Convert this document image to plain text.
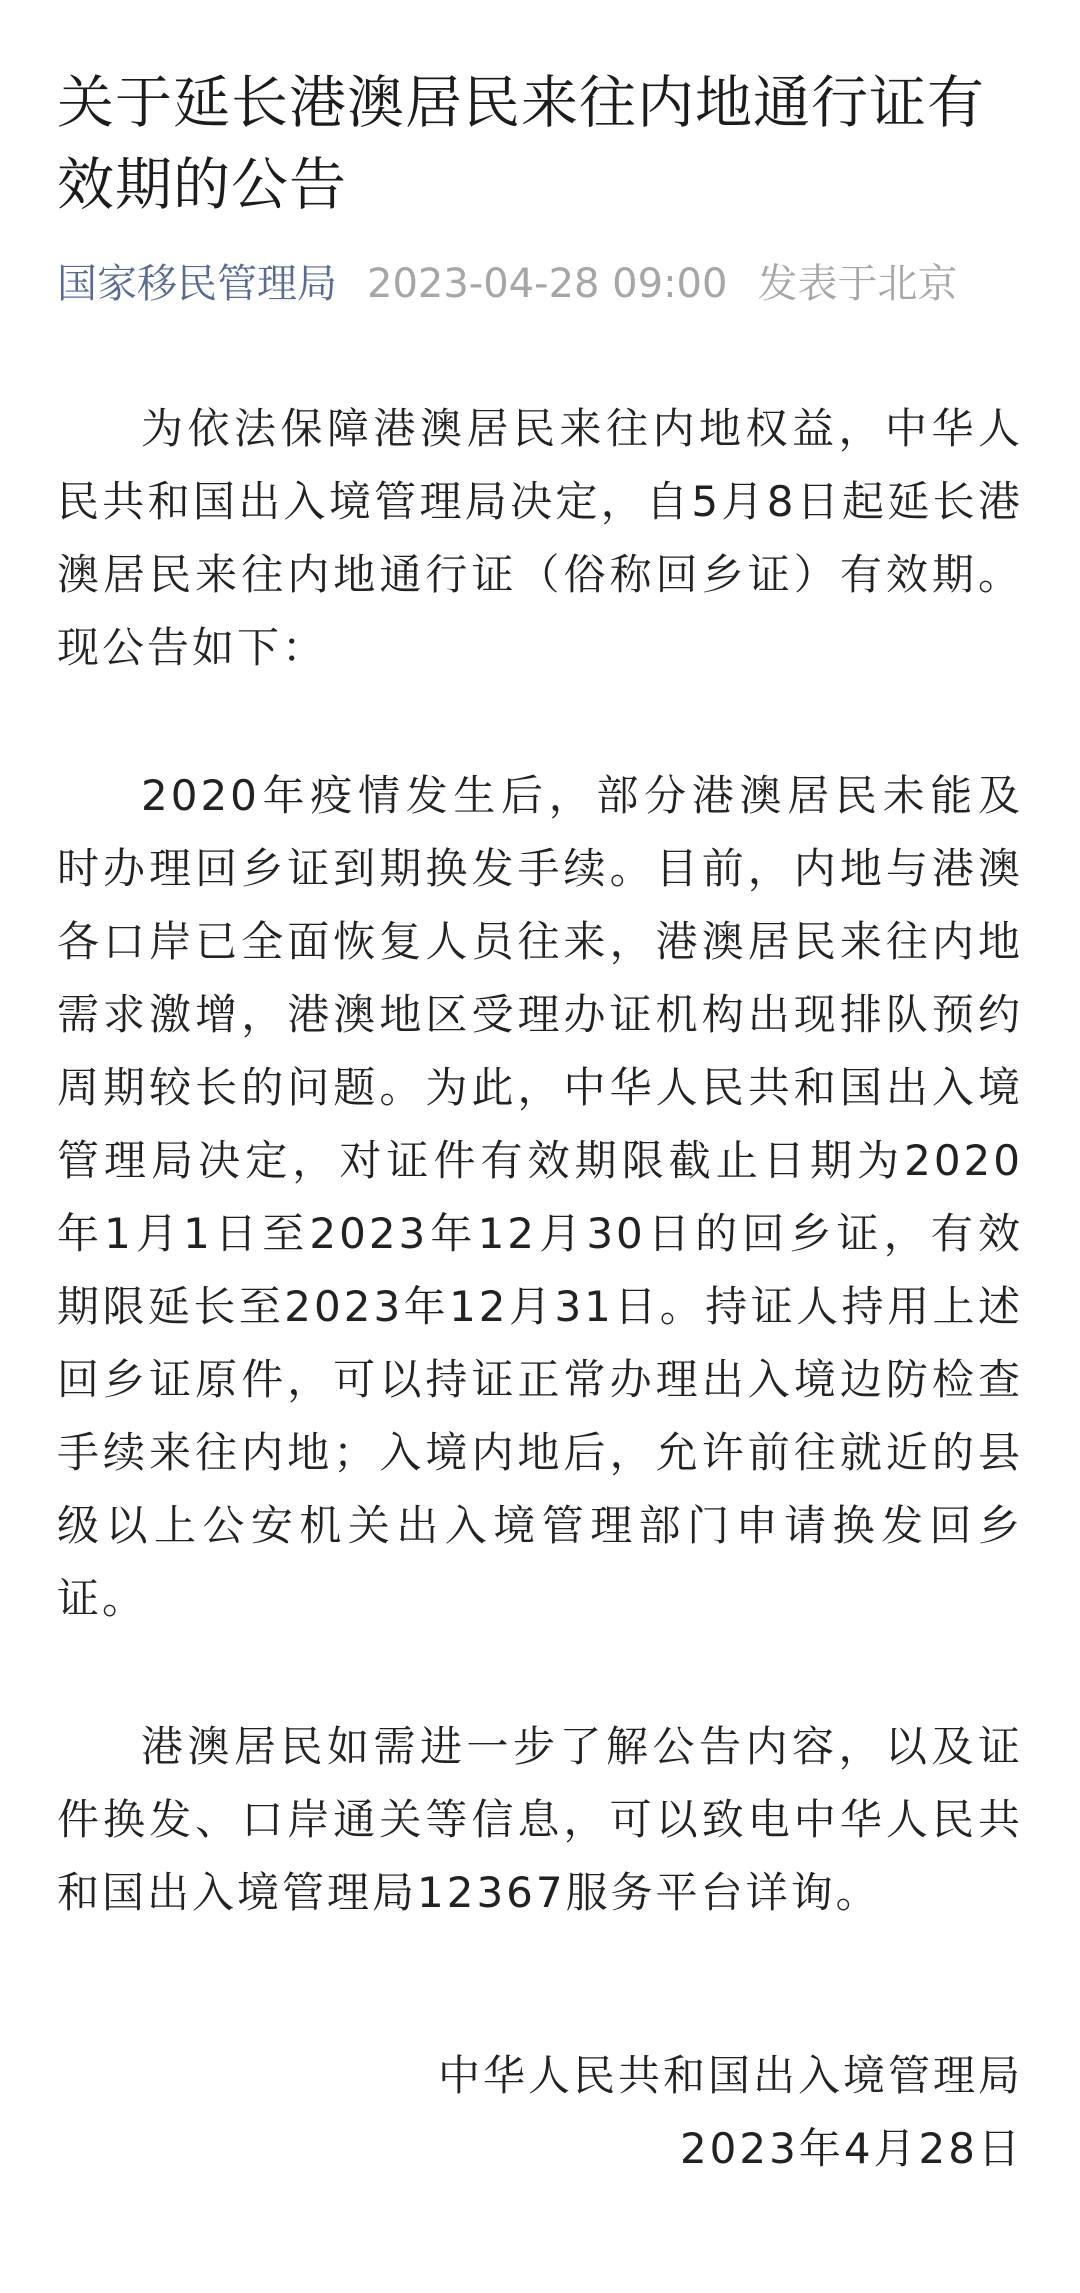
关于延长港澳居民来往内地通行证有效期的公告
国家移民管理局 2023-04-28 09:00 发表于北京

为依法保障港澳居民来往内地权益，中华人民共和国出入境管理局决定，自5月8日起延长港澳居民来往内地通行证（俗称回乡证）有效期。现公告如下：

2020年疫情发生后，部分港澳居民未能及时办理回乡证到期换发手续。目前，内地与港澳各口岸已全面恢复人员往来，港澳居民来往内地需求激增，港澳地区受理办证机构出现排队预约周期较长的问题。为此，中华人民共和国出入境管理局决定，对证件有效期限截止日期为2020年1月1日至2023年12月30日的回乡证，有效期限延长至2023年12月31日。持证人持用上述回乡证原件，可以持证正常办理出入境边防检查手续来往内地；入境内地后，允许前往就近的县级以上公安机关出入境管理部门申请换发回乡证。

港澳居民如需进一步了解公告内容，以及证件换发、口岸通关等信息，可以致电中华人民共和国出入境管理局12367服务平台详询。

中华人民共和国出入境管理局
2023年4月28日
